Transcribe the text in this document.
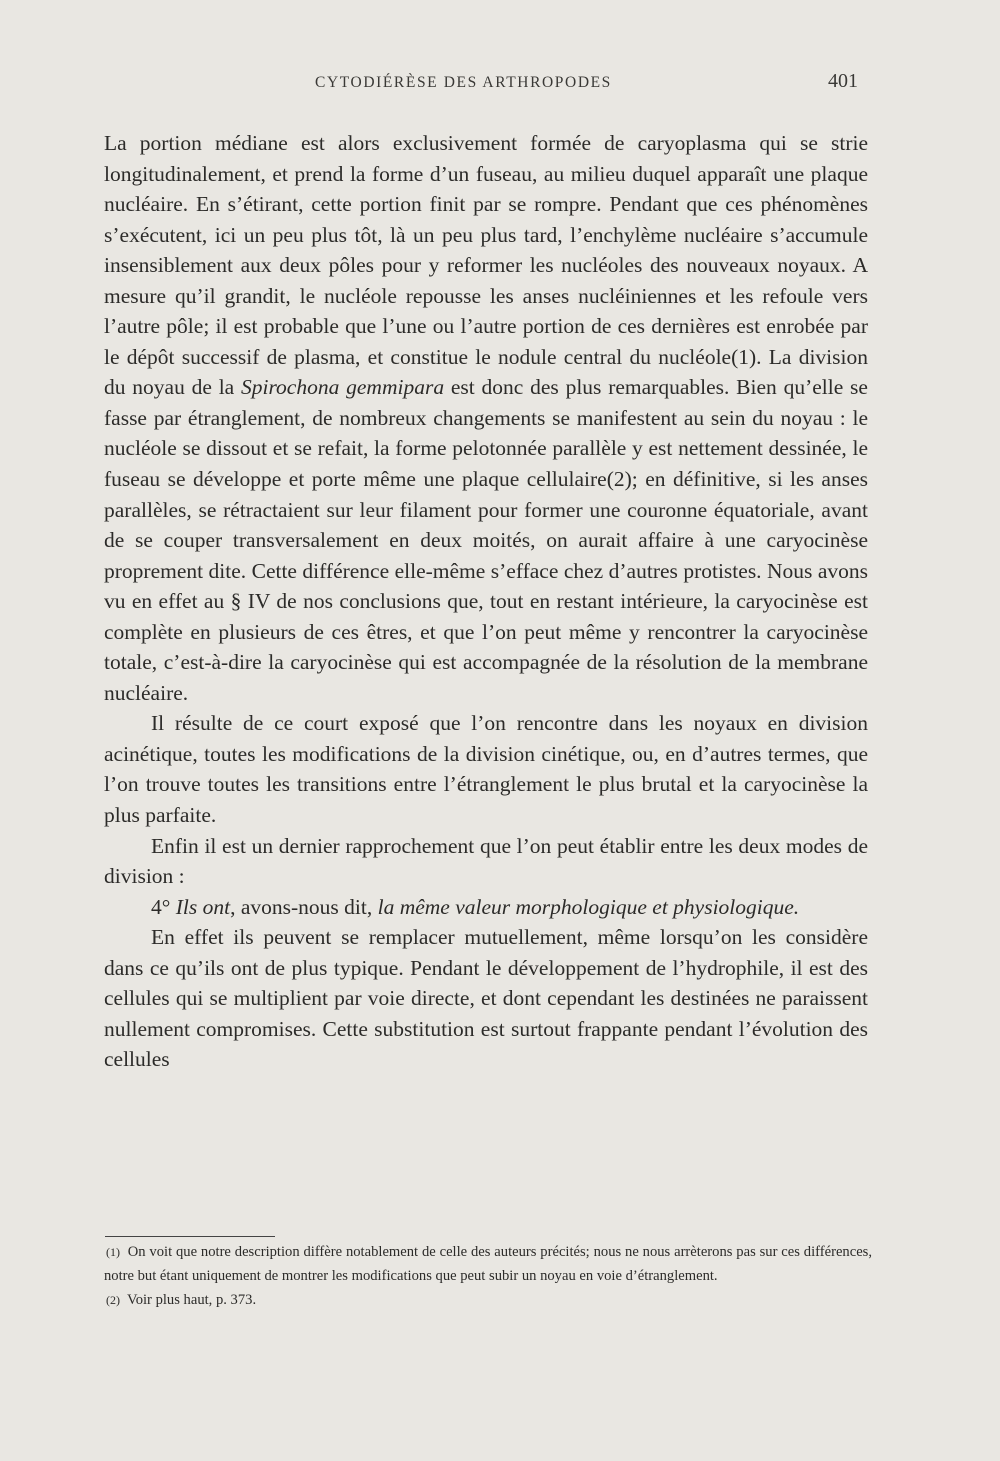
CYTODIÉRÈSE DES ARTHROPODES	401

La portion médiane est alors exclusivement formée de caryoplasma qui se strie longitudinalement, et prend la forme d’un fuseau, au milieu duquel apparaît une plaque nucléaire. En s’étirant, cette portion finit par se rompre. Pendant que ces phénomènes s’exécutent, ici un peu plus tôt, là un peu plus tard, l’enchylème nucléaire s’accumule insensiblement aux deux pôles pour y reformer les nucléoles des nouveaux noyaux. A mesure qu’il grandit, le nucléole repousse les anses nucléiniennes et les refoule vers l’autre pôle; il est probable que l’une ou l’autre portion de ces dernières est enrobée par le dépôt successif de plasma, et constitue le nodule central du nucléole(1). La division du noyau de la Spirochona gemmipara est donc des plus remarquables. Bien qu’elle se fasse par étranglement, de nombreux changements se manifestent au sein du noyau : le nucléole se dissout et se refait, la forme pelotonnée parallèle y est nettement dessinée, le fuseau se développe et porte même une plaque cellulaire(2); en définitive, si les anses parallèles, se rétractaient sur leur filament pour former une couronne équatoriale, avant de se couper transversalement en deux moités, on aurait affaire à une caryocinèse proprement dite. Cette différence elle-même s’efface chez d’autres protistes. Nous avons vu en effet au § IV de nos conclusions que, tout en restant intérieure, la caryocinèse est complète en plusieurs de ces êtres, et que l’on peut même y rencontrer la caryocinèse totale, c’est-à-dire la caryocinèse qui est accompagnée de la résolution de la membrane nucléaire.

Il résulte de ce court exposé que l’on rencontre dans les noyaux en division acinétique, toutes les modifications de la division cinétique, ou, en d’autres termes, que l’on trouve toutes les transitions entre l’étranglement le plus brutal et la caryocinèse la plus parfaite.

Enfin il est un dernier rapprochement que l’on peut établir entre les deux modes de division :

4° Ils ont, avons-nous dit, la même valeur morphologique et physiologique.

En effet ils peuvent se remplacer mutuellement, même lorsqu’on les considère dans ce qu’ils ont de plus typique. Pendant le développement de l’hydrophile, il est des cellules qui se multiplient par voie directe, et dont cependant les destinées ne paraissent nullement compromises. Cette substitution est surtout frappante pendant l’évolution des cellules

(1) On voit que notre description diffère notablement de celle des auteurs précités; nous ne nous arrèterons pas sur ces différences, notre but étant uniquement de montrer les modifications que peut subir un noyau en voie d’étranglement.

(2) Voir plus haut, p. 373.
